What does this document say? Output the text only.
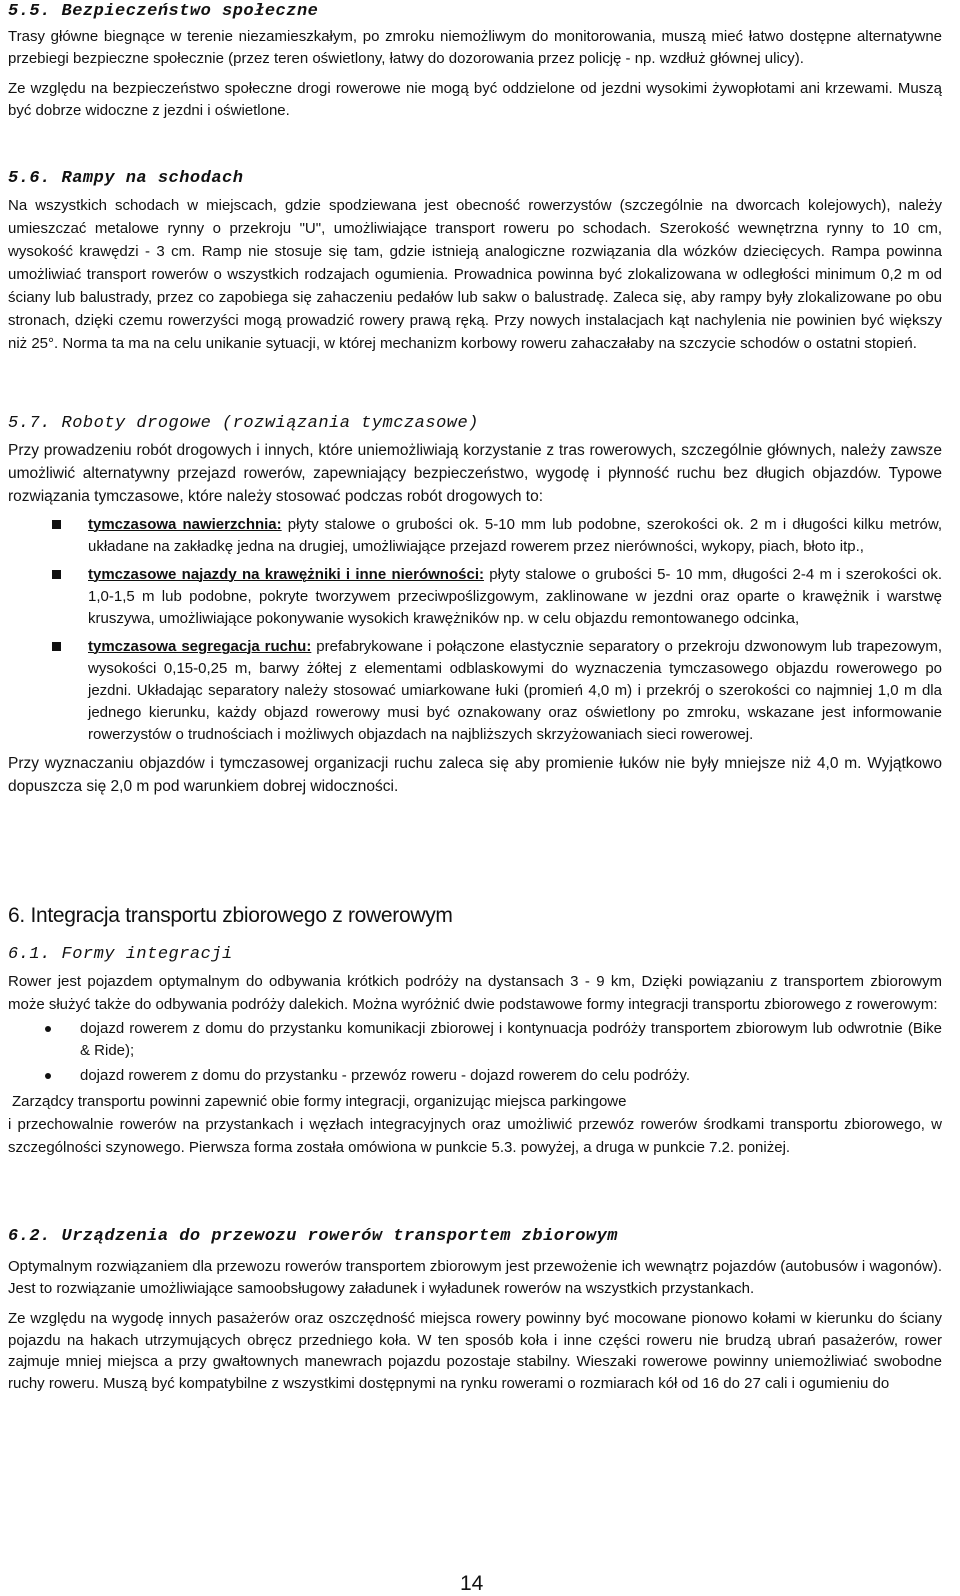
5.5. Bezpieczeństwo społeczne

Trasy główne biegnące w terenie niezamieszkałym, po zmroku niemożliwym do monitorowania, muszą mieć łatwo dostępne alternatywne przebiegi bezpieczne społecznie (przez teren oświetlony, łatwy do dozorowania przez policję - np. wzdłuż głównej ulicy).

Ze względu na bezpieczeństwo społeczne drogi rowerowe nie mogą być oddzielone od jezdni wysokimi żywopłotami ani krzewami. Muszą być dobrze widoczne z jezdni i oświetlone.

5.6. Rampy na schodach

Na wszystkich schodach w miejscach, gdzie spodziewana jest obecność rowerzystów (szczególnie na dworcach kolejowych), należy umieszczać metalowe rynny o przekroju "U", umożliwiające transport roweru po schodach. Szerokość wewnętrzna rynny to 10 cm, wysokość krawędzi - 3 cm. Ramp nie stosuje się tam, gdzie istnieją analogiczne rozwiązania dla wózków dziecięcych. Rampa powinna umożliwiać transport rowerów o wszystkich rodzajach ogumienia. Prowadnica powinna być zlokalizowana w odległości minimum 0,2 m od ściany lub balustrady, przez co zapobiega się zahaczeniu pedałów lub sakw o balustradę. Zaleca się, aby rampy były zlokalizowane po obu stronach, dzięki czemu rowerzyści mogą prowadzić rowery prawą ręką. Przy nowych instalacjach kąt nachylenia nie powinien być większy niż 25°. Norma ta ma na celu unikanie sytuacji, w której mechanizm korbowy roweru zahaczałaby na szczycie schodów o ostatni stopień.

5.7. Roboty drogowe (rozwiązania tymczasowe)

Przy prowadzeniu robót drogowych i innych, które uniemożliwiają korzystanie z tras rowerowych, szczególnie głównych, należy zawsze umożliwić alternatywny przejazd rowerów, zapewniający bezpieczeństwo, wygodę i płynność ruchu bez długich objazdów. Typowe rozwiązania tymczasowe, które należy stosować podczas robót drogowych to:

tymczasowa nawierzchnia: płyty stalowe o grubości ok. 5-10 mm lub podobne, szerokości ok. 2 m i długości kilku metrów, układane na zakładkę jedna na drugiej, umożliwiające przejazd rowerem przez nierówności, wykopy, piach, błoto itp.,
tymczasowe najazdy na krawężniki i inne nierówności: płyty stalowe o grubości 5- 10 mm, długości 2-4 m i szerokości ok. 1,0-1,5 m lub podobne, pokryte tworzywem przeciwpoślizgowym, zaklinowane w jezdni oraz oparte o krawężnik i warstwę kruszywa, umożliwiające pokonywanie wysokich krawężników np. w celu objazdu remontowanego odcinka,
tymczasowa segregacja ruchu: prefabrykowane i połączone elastycznie separatory o przekroju dzwonowym lub trapezowym, wysokości 0,15-0,25 m, barwy żółtej z elementami odblaskowymi do wyznaczenia tymczasowego objazdu rowerowego po jezdni. Układając separatory należy stosować umiarkowane łuki (promień 4,0 m) i przekrój o szerokości co najmniej 1,0 m dla jednego kierunku, każdy objazd rowerowy musi być oznakowany oraz oświetlony po zmroku, wskazane jest informowanie rowerzystów o trudnościach i możliwych objazdach na najbliższych skrzyżowaniach sieci rowerowej.

Przy wyznaczaniu objazdów i tymczasowej organizacji ruchu zaleca się aby promienie łuków nie były mniejsze niż 4,0 m. Wyjątkowo dopuszcza się 2,0 m pod warunkiem dobrej widoczności.

6. Integracja transportu zbiorowego z rowerowym
6.1. Formy integracji

Rower jest pojazdem optymalnym do odbywania krótkich podróży na dystansach 3 - 9 km, Dzięki powiązaniu z transportem zbiorowym może służyć także do odbywania podróży dalekich. Można wyróżnić dwie podstawowe formy integracji transportu zbiorowego z rowerowym:

dojazd rowerem z domu do przystanku komunikacji zbiorowej i kontynuacja podróży transportem zbiorowym lub odwrotnie (Bike & Ride);
dojazd rowerem z domu do przystanku - przewóz roweru - dojazd rowerem do celu podróży.

Zarządcy transportu powinni zapewnić obie formy integracji, organizując miejsca parkingowe

i przechowalnie rowerów na przystankach i węzłach integracyjnych oraz umożliwić przewóz rowerów środkami transportu zbiorowego, w szczególności szynowego. Pierwsza forma została omówiona w punkcie 5.3. powyżej, a druga w punkcie 7.2. poniżej.

6.2. Urządzenia do przewozu rowerów transportem zbiorowym

Optymalnym rozwiązaniem dla przewozu rowerów transportem zbiorowym jest przewożenie ich wewnątrz pojazdów (autobusów i wagonów). Jest to rozwiązanie umożliwiające samoobsługowy załadunek i wyładunek rowerów na wszystkich przystankach.

Ze względu na wygodę innych pasażerów oraz oszczędność miejsca rowery powinny być mocowane pionowo kołami w kierunku do ściany pojazdu na hakach utrzymujących obręcz przedniego koła. W ten sposób koła i inne części roweru nie brudzą ubrań pasażerów, rower zajmuje mniej miejsca a przy gwałtownych manewrach pojazdu pozostaje stabilny. Wieszaki rowerowe powinny uniemożliwiać swobodne ruchy roweru. Muszą być kompatybilne z wszystkimi dostępnymi na rynku rowerami o rozmiarach kół od 16 do 27 cali i ogumieniu do

14
